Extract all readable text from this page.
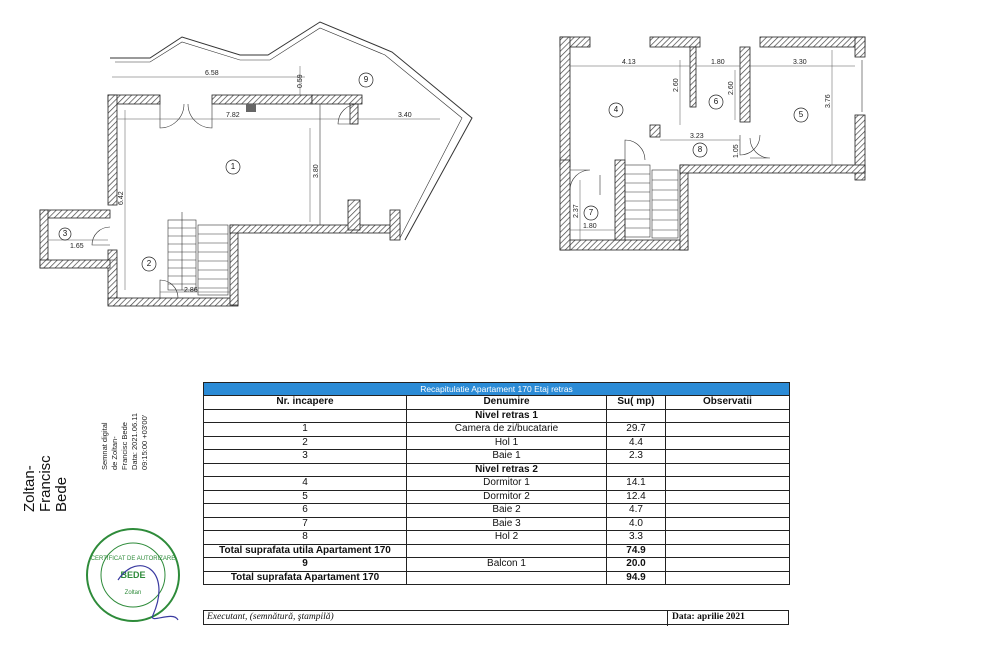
1
2
3
9
6.58
0.59
3.40
7.82
3.80
6.42
2.86
1.65
4
5
6
7
8
4.13	1.80	3.30
2.60	2.60
3.76
3.23
1.05
2.37
1.80
Zoltan- Francisc Bede
Semnat digital de Zoltan- Francisc Bede Data: 2021.06.11 09:15:00 +03'00'
CERTIFICAT DE AUTORIZARE
BEDE
Zoltan
Recapitulatie Apartament 170 Etaj retras			
Nr. incapere	Denumire	Su( mp)	Observatii
	Nivel retras 1		
1	Camera de zi/bucatarie	29.7	
2	Hol 1	4.4	
3	Baie 1	2.3	
	Nivel retras 2		
4	Dormitor 1	14.1	
5	Dormitor 2	12.4	
6	Baie 2	4.7	
7	Baie 3	4.0	
8	Hol 2	3.3	
Total suprafata utila Apartament 170		74.9	
9	Balcon 1	20.0	
Total suprafata Apartament 170		94.9	
Executant, (semnătură, ştampilă)	Data: aprilie 2021
